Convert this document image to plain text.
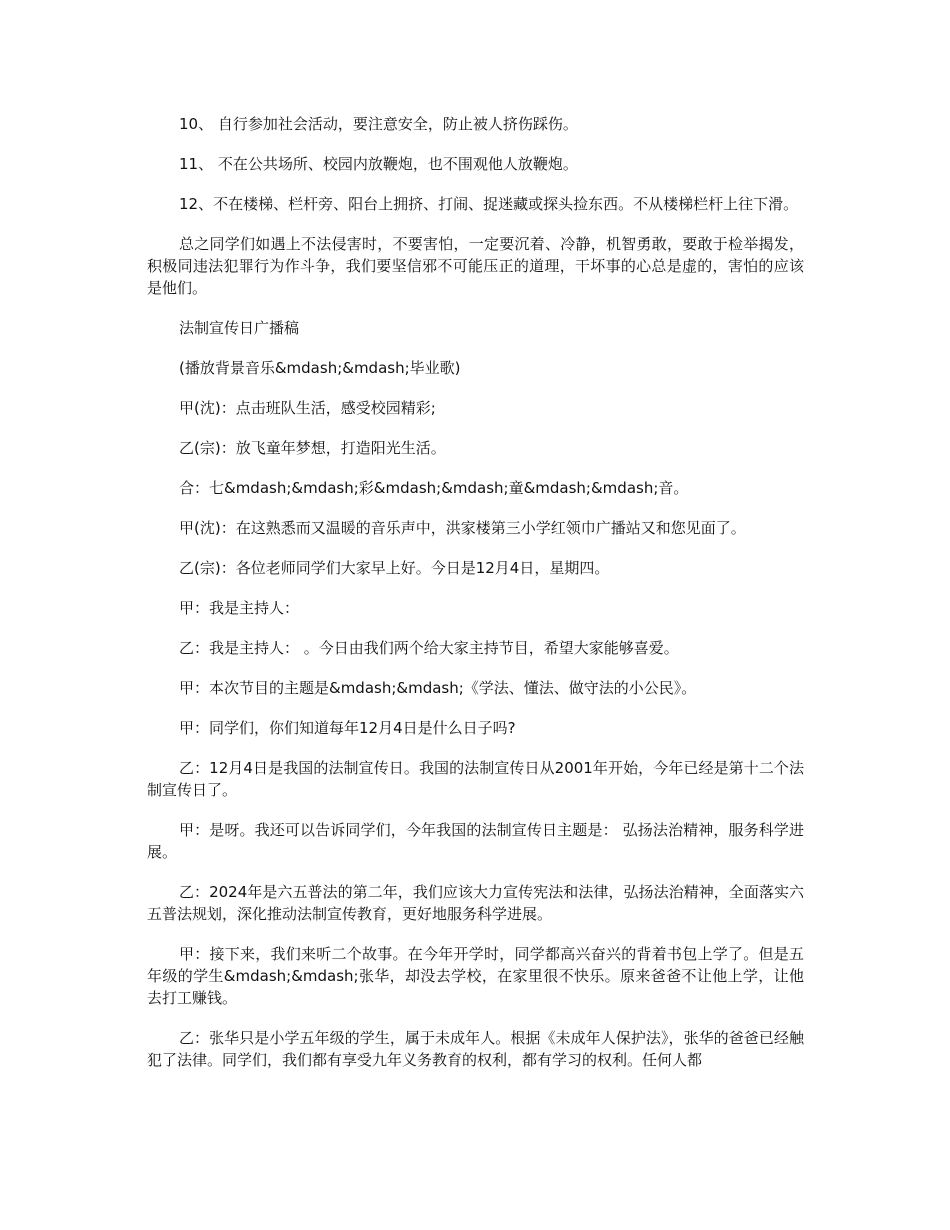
10、 自行参加社会活动，要注意安全，防止被人挤伤踩伤。

11、 不在公共场所、校园内放鞭炮，也不围观他人放鞭炮。

12、不在楼梯、栏杆旁、阳台上拥挤、打闹、捉迷藏或探头捡东西。不从楼梯栏杆上往下滑。

总之同学们如遇上不法侵害时，不要害怕，一定要沉着、冷静，机智勇敢，要敢于检举揭发，积极同违法犯罪行为作斗争，我们要坚信邪不可能压正的道理，干坏事的心总是虚的，害怕的应该是他们。

法制宣传日广播稿

(播放背景音乐&mdash;&mdash;毕业歌)

甲(沈)：点击班队生活，感受校园精彩;

乙(宗)：放飞童年梦想，打造阳光生活。

合：七&mdash;&mdash;彩&mdash;&mdash;童&mdash;&mdash;音。

甲(沈)：在这熟悉而又温暖的音乐声中，洪家楼第三小学红领巾广播站又和您见面了。

乙(宗)：各位老师同学们大家早上好。今日是12月4日，星期四。

甲：我是主持人：

乙：我是主持人： 。今日由我们两个给大家主持节目，希望大家能够喜爱。

甲：本次节目的主题是&mdash;&mdash;《学法、懂法、做守法的小公民》。

甲：同学们，你们知道每年12月4日是什么日子吗?

乙：12月4日是我国的法制宣传日。我国的法制宣传日从2001年开始，今年已经是第十二个法制宣传日了。

甲：是呀。我还可以告诉同学们，今年我国的法制宣传日主题是： 弘扬法治精神，服务科学进展。

乙：2024年是六五普法的第二年，我们应该大力宣传宪法和法律，弘扬法治精神，全面落实六五普法规划，深化推动法制宣传教育，更好地服务科学进展。

甲：接下来，我们来听二个故事。在今年开学时，同学都高兴奋兴的背着书包上学了。但是五年级的学生&mdash;&mdash;张华，却没去学校，在家里很不快乐。原来爸爸不让他上学，让他去打工赚钱。

乙：张华只是小学五年级的学生，属于未成年人。根据《未成年人保护法》，张华的爸爸已经触犯了法律。同学们，我们都有享受九年义务教育的权利，都有学习的权利。任何人都
